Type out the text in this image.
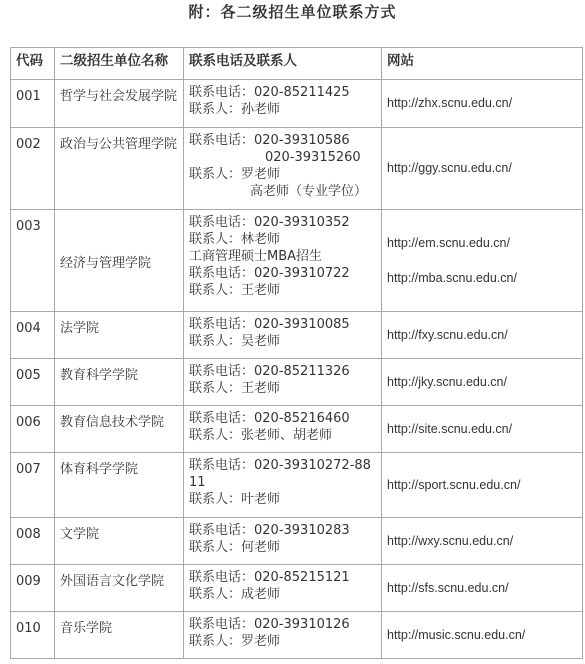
附：各二级招生单位联系方式
代码	二级招生单位名称	联系电话及联系人	网站
001	哲学与社会发展学院	联系电话：020-85211425
联系人：孙老师	http://zhx.scnu.edu.cn/

002	政治与公共管理学院	联系电话：020-39310586
020-39315260
联系人：罗老师
高老师（专业学位）	http://ggy.scnu.edu.cn/

003	经济与管理学院	联系电话：020-39310352
联系人：林老师
工商管理硕士MBA招生
联系电话：020-39310722
联系人：王老师	http://em.scnu.edu.cn/
http://mba.scnu.edu.cn/

004	法学院	联系电话：020-39310085
联系人：吴老师	http://fxy.scnu.edu.cn/

005	教育科学学院	联系电话：020-85211326
联系人：王老师	http://jky.scnu.edu.cn/

006	教育信息技术学院	联系电话：020-85216460
联系人：张老师、胡老师	http://site.scnu.edu.cn/

007	体育科学学院	联系电话：020-39310272-8811
联系人：叶老师	http://sport.scnu.edu.cn/

008	文学院	联系电话：020-39310283
联系人：何老师	http://wxy.scnu.edu.cn/

009	外国语言文化学院	联系电话：020-85215121
联系人：成老师	http://sfs.scnu.edu.cn/

010	音乐学院	联系电话：020-39310126
联系人：罗老师	http://music.scnu.edu.cn/
